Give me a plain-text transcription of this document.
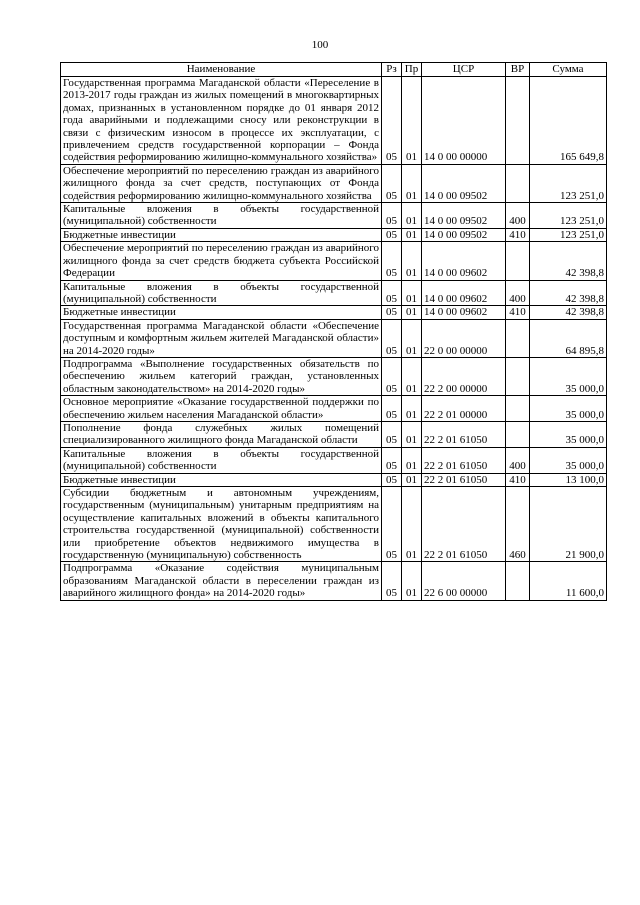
100
Наименование	Рз	Пр	ЦСР	ВР	Сумма
Государственная программа Магаданской области «Переселение в 2013-2017 годы граждан из жилых помещений в многоквартирных домах, признанных в установленном порядке до 01 января 2012 года аварийными и подлежащими сносу или реконструкции в связи с физическим износом в процессе их эксплуатации, с привлечением средств государственной корпорации – Фонда содействия реформированию жилищно-коммунального хозяйства»	05	01	14 0 00 00000		165 649,8
Обеспечение мероприятий по переселению граждан из аварийного жилищного фонда за счет средств, поступающих от Фонда содействия реформированию жилищно-коммунального хозяйства	05	01	14 0 00 09502		123 251,0
Капитальные вложения в объекты государственной (муниципальной) собственности	05	01	14 0 00 09502	400	123 251,0
Бюджетные инвестиции	05	01	14 0 00 09502	410	123 251,0
Обеспечение мероприятий по переселению граждан из аварийного жилищного фонда за счет средств бюджета субъекта Российской Федерации	05	01	14 0 00 09602		42 398,8
Капитальные вложения в объекты государственной (муниципальной) собственности	05	01	14 0 00 09602	400	42 398,8
Бюджетные инвестиции	05	01	14 0 00 09602	410	42 398,8
Государственная программа Магаданской области «Обеспечение доступным и комфортным жильем жителей Магаданской области» на 2014-2020 годы»	05	01	22 0 00 00000		64 895,8
Подпрограмма «Выполнение государственных обязательств по обеспечению жильем категорий граждан, установленных областным законодательством» на 2014-2020 годы»	05	01	22 2 00 00000		35 000,0
Основное мероприятие «Оказание государственной поддержки по обеспечению жильем населения Магаданской области»	05	01	22 2 01 00000		35 000,0
Пополнение фонда служебных жилых помещений специализированного жилищного фонда Магаданской области	05	01	22 2 01 61050		35 000,0
Капитальные вложения в объекты государственной (муниципальной) собственности	05	01	22 2 01 61050	400	35 000,0
Бюджетные инвестиции	05	01	22 2 01 61050	410	13 100,0
Субсидии бюджетным и автономным учреждениям, государственным (муниципальным) унитарным предприятиям на осуществление капитальных вложений в объекты капитального строительства государственной (муниципальной) собственности или приобретение объектов недвижимого имущества в государственную (муниципальную) собственность	05	01	22 2 01 61050	460	21 900,0
Подпрограмма «Оказание содействия муниципальным образованиям Магаданской области в переселении граждан из аварийного жилищного фонда» на 2014-2020 годы»	05	01	22 6 00 00000		11 600,0
